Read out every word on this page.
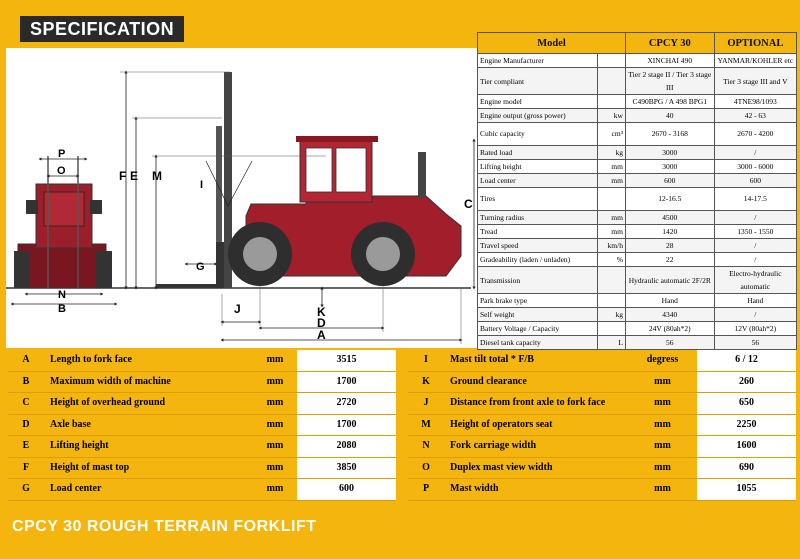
SPECIFICATION
P
O
N
B
I
F E M
G
C
J	K
D
A
Model		CPCY 30	OPTIONAL
Engine Manufacturer		XINCHAI 490	YANMAR/KOHLER etc
Tier compliant		Tier 2 stage II / Tier 3 stage III	Tier 3 stage III and V
Engine model		C490BPG / A 498 BPG1	4TNE98/1093
Engine output (gross power)	kw	40	42 - 63
Cubic capacity	cm³	2670 - 3168	2670 - 4200
Rated load	kg	3000	/
Lifting height	mm	3000	3000 - 6000
Load center	mm	600	600
Tires		12-16.5	14-17.5
Turning radius	mm	4500	/
Tread	mm	1420	1350 - 1550
Travel speed	km/h	28	/
Gradeability (laden / unladen)	%	22	/
Transmission		Hydraulic automatic 2F/2R	Electro-hydraulic automatic
Park brake type		Hand	Hand
Self weight	kg	4340	/
Battery Voltage / Capacity		24V (80ah*2)	12V (80ah*2)
Diesel tank capacity	L	56	56
A	Length to fork face	mm	3515
B	Maximum width of machine	mm	1700
C	Height of overhead ground	mm	2720
D	Axle base	mm	1700
E	Lifting height	mm	2080
F	Height of mast top	mm	3850
G	Load center	mm	600
I	Mast tilt total * F/B	degress	6 / 12
K	Ground clearance	mm	260
J	Distance from front axle to fork face	mm	650
M	Height of operators seat	mm	2250
N	Fork carriage width	mm	1600
O	Duplex mast view width	mm	690
P	Mast width	mm	1055
CPCY 30 ROUGH TERRAIN FORKLIFT
